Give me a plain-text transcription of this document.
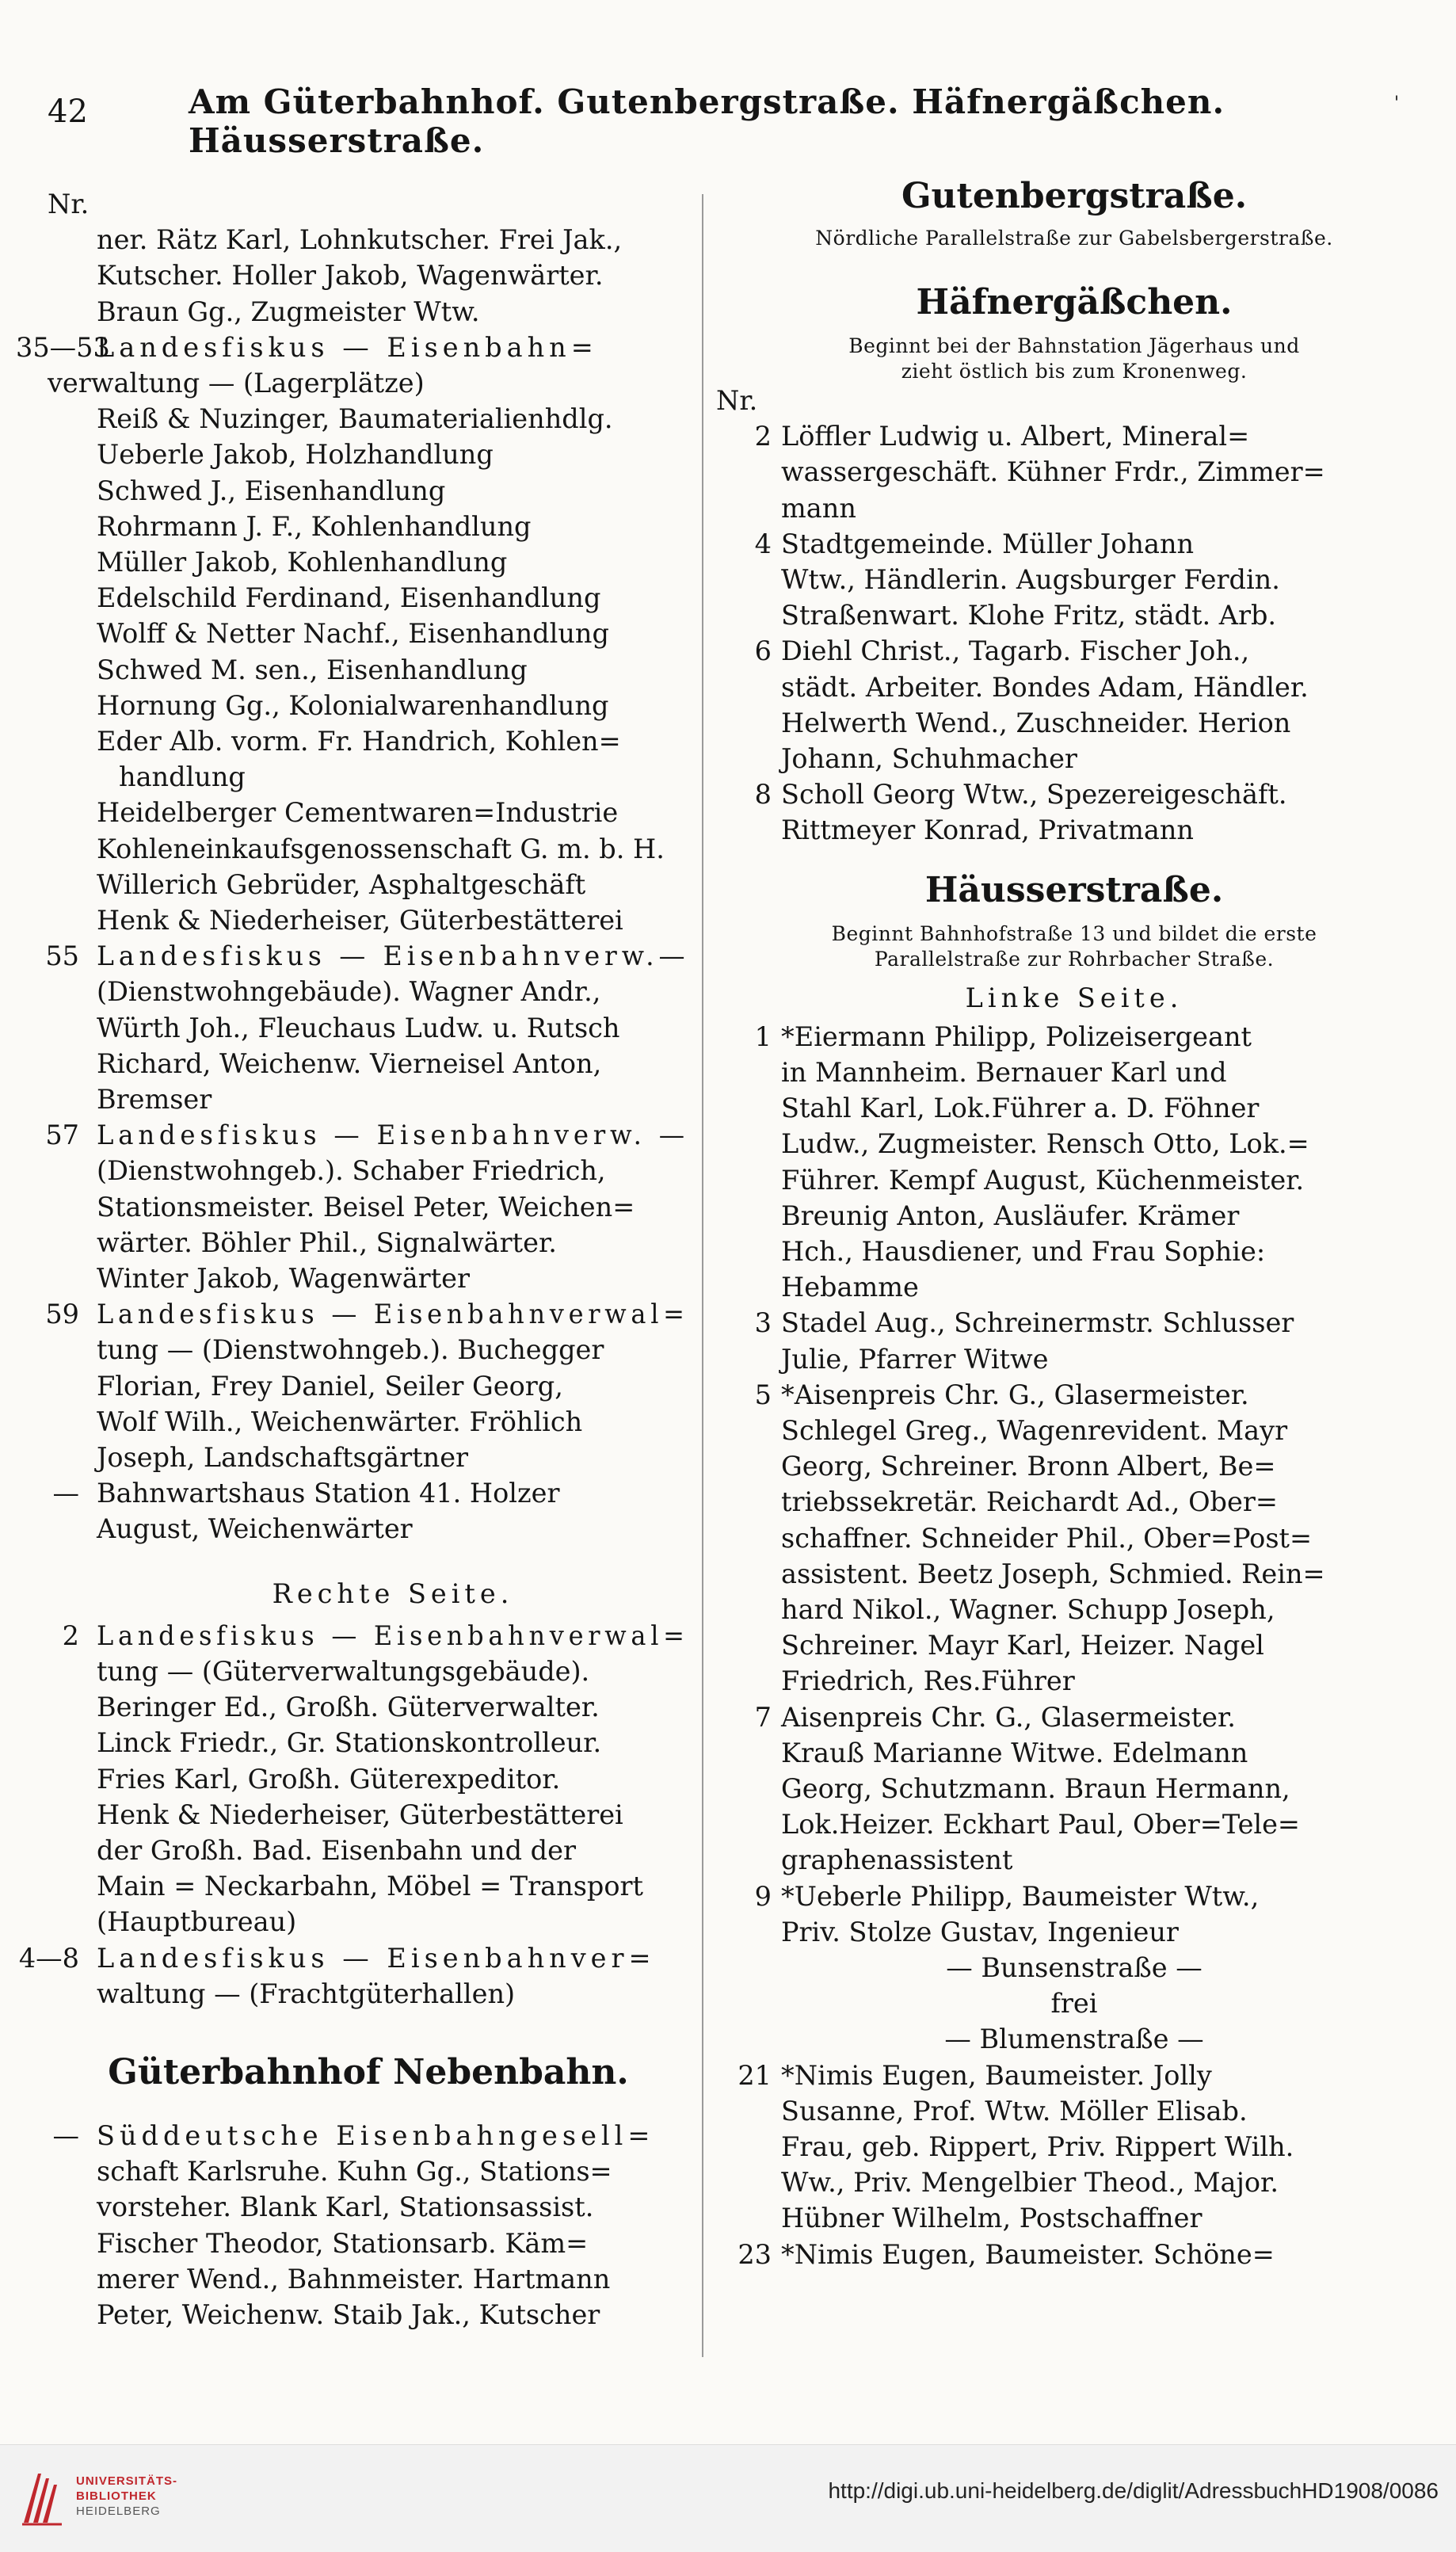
42	Am Güterbahnhof. Gutenbergstraße. Häfnergäßchen. Häusserstraße.
'
Nr.
ner. Rätz Karl, Lohnkutscher. Frei Jak.,
Kutscher. Holler Jakob, Wagenwärter.
Braun Gg., Zugmeister Wtw.
35—53
Landesfiskus — Eisenbahn=
verwaltung — (Lagerplätze)
Reiß & Nuzinger, Baumaterialienhdlg.
Ueberle Jakob, Holzhandlung
Schwed J., Eisenhandlung
Rohrmann J. F., Kohlenhandlung
Müller Jakob, Kohlenhandlung
Edelschild Ferdinand, Eisenhandlung
Wolff & Netter Nachf., Eisenhandlung
Schwed M. sen., Eisenhandlung
Hornung Gg., Kolonialwarenhandlung
Eder Alb. vorm. Fr. Handrich, Kohlen=
handlung
Heidelberger Cementwaren=Industrie
Kohleneinkaufsgenossenschaft G. m. b. H.
Willerich Gebrüder, Asphaltgeschäft
Henk & Niederheiser, Güterbestätterei
55 Landesfiskus — Eisenbahnverw.—
(Dienstwohngebäude). Wagner Andr.,
Würth Joh., Fleuchaus Ludw. u. Rutsch
Richard, Weichenw. Vierneisel Anton,
Bremser
57 Landesfiskus — Eisenbahnverw. —
(Dienstwohngeb.). Schaber Friedrich,
Stationsmeister. Beisel Peter, Weichen=
wärter. Böhler Phil., Signalwärter.
Winter Jakob, Wagenwärter
59 Landesfiskus — Eisenbahnverwal=
tung — (Dienstwohngeb.). Buchegger
Florian, Frey Daniel, Seiler Georg,
Wolf Wilh., Weichenwärter. Fröhlich
Joseph, Landschaftsgärtner
— Bahnwartshaus Station 41. Holzer
August, Weichenwärter
Rechte Seite.
2 Landesfiskus — Eisenbahnverwal=
tung — (Güterverwaltungsgebäude).
Beringer Ed., Großh. Güterverwalter.
Linck Friedr., Gr. Stationskontrolleur.
Fries Karl, Großh. Güterexpeditor.
Henk & Niederheiser, Güterbestätterei
der Großh. Bad. Eisenbahn und der
Main = Neckarbahn, Möbel = Transport
(Hauptbureau)
4—8 Landesfiskus — Eisenbahnver=
waltung — (Frachtgüterhallen)
Güterbahnhof Nebenbahn.
— Süddeutsche Eisenbahngesell=
schaft Karlsruhe. Kuhn Gg., Stations=
vorsteher. Blank Karl, Stationsassist.
Fischer Theodor, Stationsarb. Käm=
merer Wend., Bahnmeister. Hartmann
Peter, Weichenw. Staib Jak., Kutscher
Gutenbergstraße.
Nördliche Parallelstraße zur Gabelsbergerstraße.
Häfnergäßchen.
Beginnt bei der Bahnstation Jägerhaus und
zieht östlich bis zum Kronenweg.
Nr.
2 Löffler Ludwig u. Albert, Mineral=
wassergeschäft. Kühner Frdr., Zimmer=
mann
4 Stadtgemeinde. Müller Johann
Wtw., Händlerin. Augsburger Ferdin.
Straßenwart. Klohe Fritz, städt. Arb.
6 Diehl Christ., Tagarb. Fischer Joh.,
städt. Arbeiter. Bondes Adam, Händler.
Helwerth Wend., Zuschneider. Herion
Johann, Schuhmacher
8 Scholl Georg Wtw., Spezereigeschäft.
Rittmeyer Konrad, Privatmann
Häusserstraße.
Beginnt Bahnhofstraße 13 und bildet die erste
Parallelstraße zur Rohrbacher Straße.
Linke Seite.
1 *Eiermann Philipp, Polizeisergeant
in Mannheim. Bernauer Karl und
Stahl Karl, Lok.Führer a. D. Föhner
Ludw., Zugmeister. Rensch Otto, Lok.=
Führer. Kempf August, Küchenmeister.
Breunig Anton, Ausläufer. Krämer
Hch., Hausdiener, und Frau Sophie:
Hebamme
3 Stadel Aug., Schreinermstr. Schlusser
Julie, Pfarrer Witwe
5 *Aisenpreis Chr. G., Glasermeister.
Schlegel Greg., Wagenrevident. Mayr
Georg, Schreiner. Bronn Albert, Be=
triebssekretär. Reichardt Ad., Ober=
schaffner. Schneider Phil., Ober=Post=
assistent. Beetz Joseph, Schmied. Rein=
hard Nikol., Wagner. Schupp Joseph,
Schreiner. Mayr Karl, Heizer. Nagel
Friedrich, Res.Führer
7 Aisenpreis Chr. G., Glasermeister.
Krauß Marianne Witwe. Edelmann
Georg, Schutzmann. Braun Hermann,
Lok.Heizer. Eckhart Paul, Ober=Tele=
graphenassistent
9 *Ueberle Philipp, Baumeister Wtw.,
Priv. Stolze Gustav, Ingenieur
— Bunsenstraße —
frei
— Blumenstraße —
21 *Nimis Eugen, Baumeister. Jolly
Susanne, Prof. Wtw. Möller Elisab.
Frau, geb. Rippert, Priv. Rippert Wilh.
Ww., Priv. Mengelbier Theod., Major.
Hübner Wilhelm, Postschaffner
23 *Nimis Eugen, Baumeister. Schöne=
UNIVERSITÄTS-
BIBLIOTHEK
HEIDELBERG
http://digi.ub.uni-heidelberg.de/diglit/AdressbuchHD1908/0086
